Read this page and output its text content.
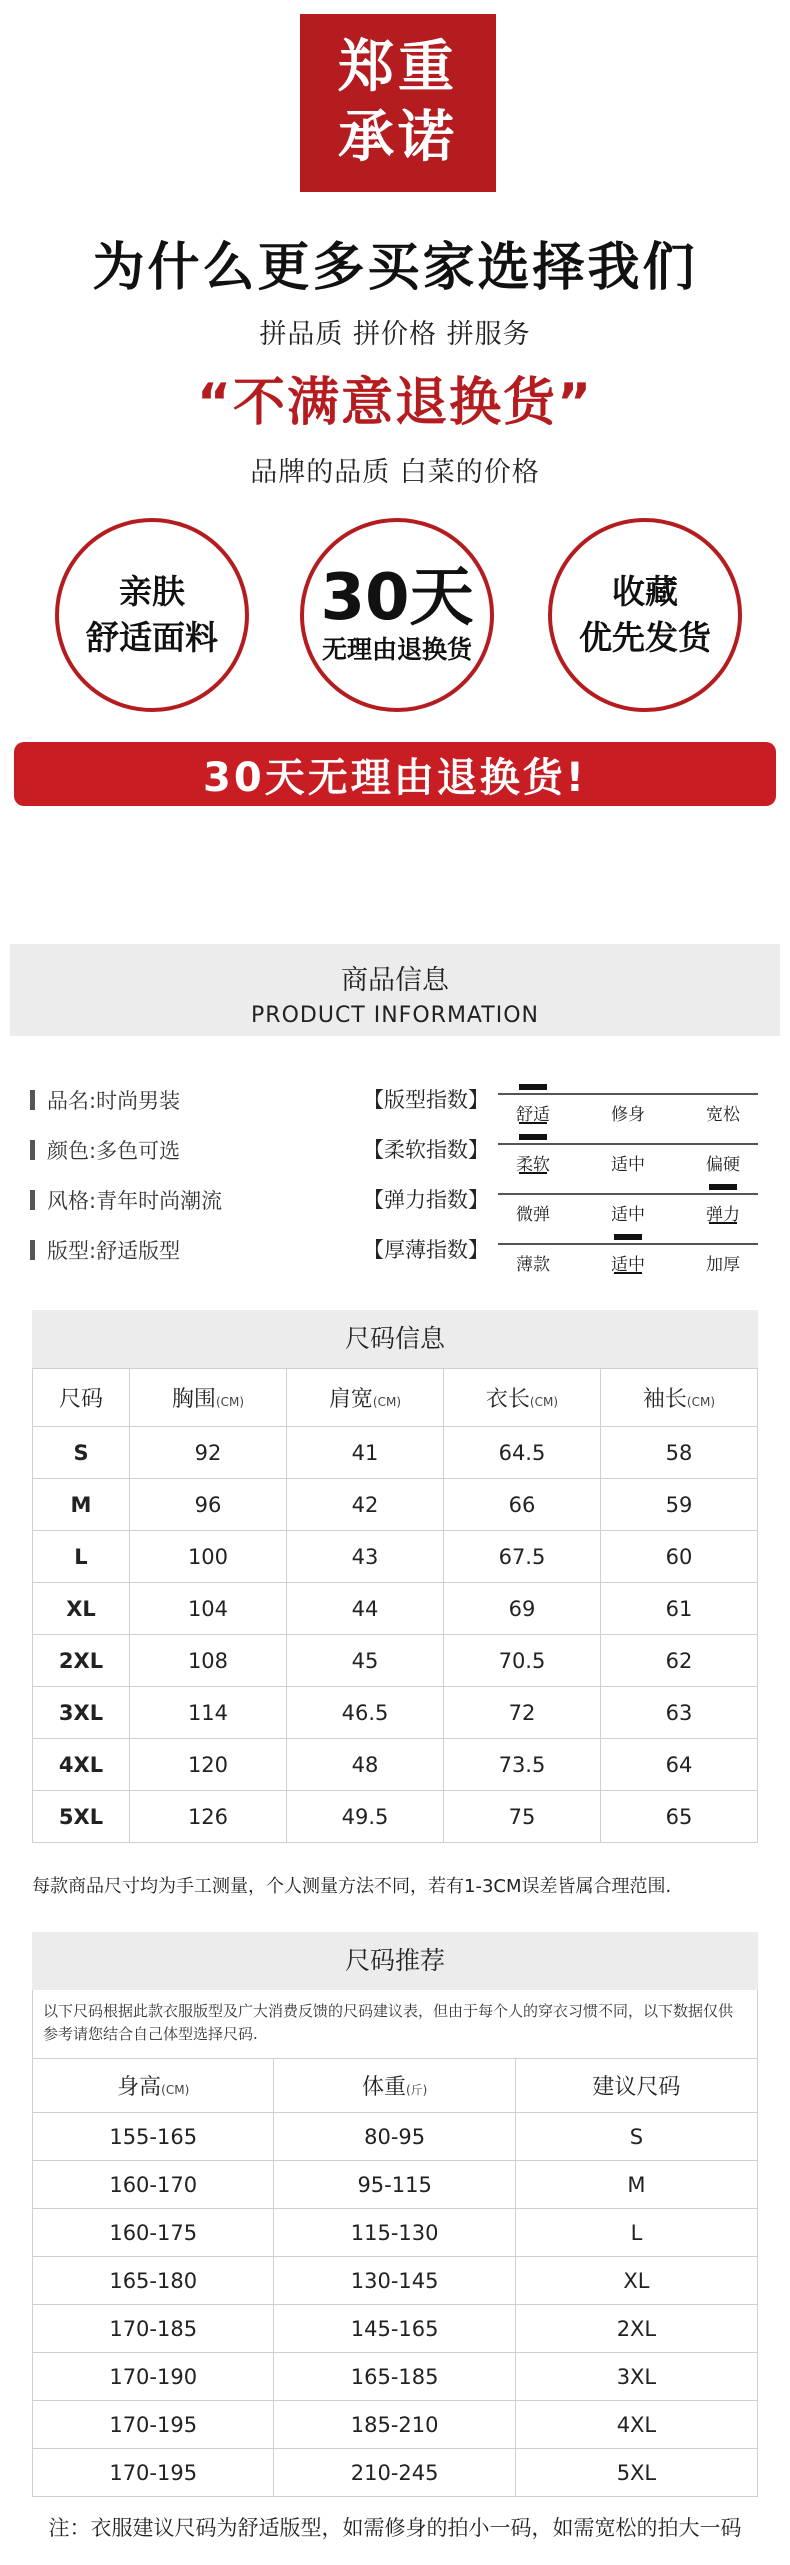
郑重
承诺
为什么更多买家选择我们
拼品质 拼价格 拼服务
“不满意退换货”
品牌的品质 白菜的价格
亲肤
舒适面料
30天
无理由退换货
收藏
优先发货
30天无理由退换货!
商品信息
PRODUCT INFORMATION
品名: 时尚男装
颜色: 多色可选
风格: 青年时尚潮流
版型: 舒适版型
【版型指数】
【柔软指数】
【弹力指数】
【厚薄指数】
舒适	修身	宽松
柔软	适中	偏硬
微弹	适中	弹力
薄款	适中	加厚
尺码信息
尺码	胸围(CM)	肩宽(CM)	衣长(CM)	袖长(CM)
S	92	41	64.5	58
M	96	42	66	59
L	100	43	67.5	60
XL	104	44	69	61
2XL	108	45	70.5	62
3XL	114	46.5	72	63
4XL	120	48	73.5	64
5XL	126	49.5	75	65
每款商品尺寸均为手工测量，个人测量方法不同，若有1-3CM误差皆属合理范围.
尺码推荐
以下尺码根据此款衣服版型及广大消费反馈的尺码建议表，但由于每个人的穿衣习惯不同，以下数据仅供参考请您结合自己体型选择尺码.
身高(CM)	体重(斤)	建议尺码
155-165	80-95	S
160-170	95-115	M
160-175	115-130	L
165-180	130-145	XL
170-185	145-165	2XL
170-190	165-185	3XL
170-195	185-210	4XL
170-195	210-245	5XL
注：衣服建议尺码为舒适版型，如需修身的拍小一码，如需宽松的拍大一码
